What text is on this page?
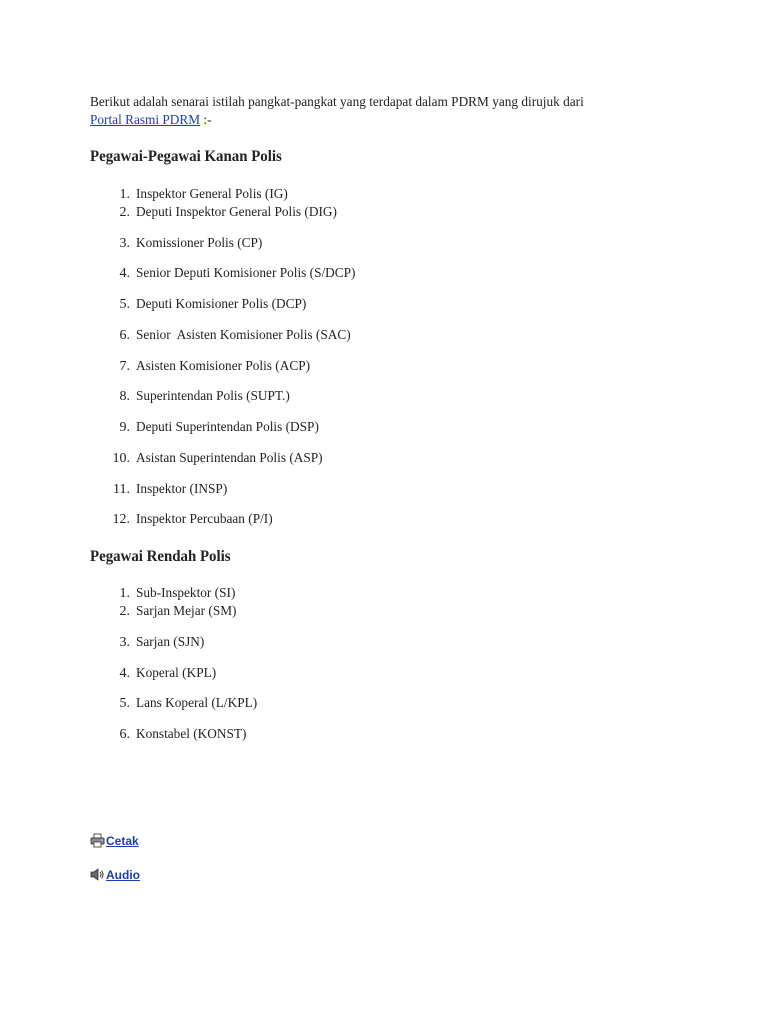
Berikut adalah senarai istilah pangkat-pangkat yang terdapat dalam PDRM yang dirujuk dari
Portal Rasmi PDRM :-
Pegawai-Pegawai Kanan Polis
1. Inspektor General Polis (IG)
2. Deputi Inspektor General Polis (DIG)
3. Komissioner Polis (CP)
4. Senior Deputi Komisioner Polis (S/DCP)
5. Deputi Komisioner Polis (DCP)
6. Senior  Asisten Komisioner Polis (SAC)
7. Asisten Komisioner Polis (ACP)
8. Superintendan Polis (SUPT.)
9. Deputi Superintendan Polis (DSP)
10. Asistan Superintendan Polis (ASP)
11. Inspektor (INSP)
12. Inspektor Percubaan (P/I)
Pegawai Rendah Polis
1. Sub-Inspektor (SI)
2. Sarjan Mejar (SM)
3. Sarjan (SJN)
4. Koperal (KPL)
5. Lans Koperal (L/KPL)
6. Konstabel (KONST)
Cetak
Audio
